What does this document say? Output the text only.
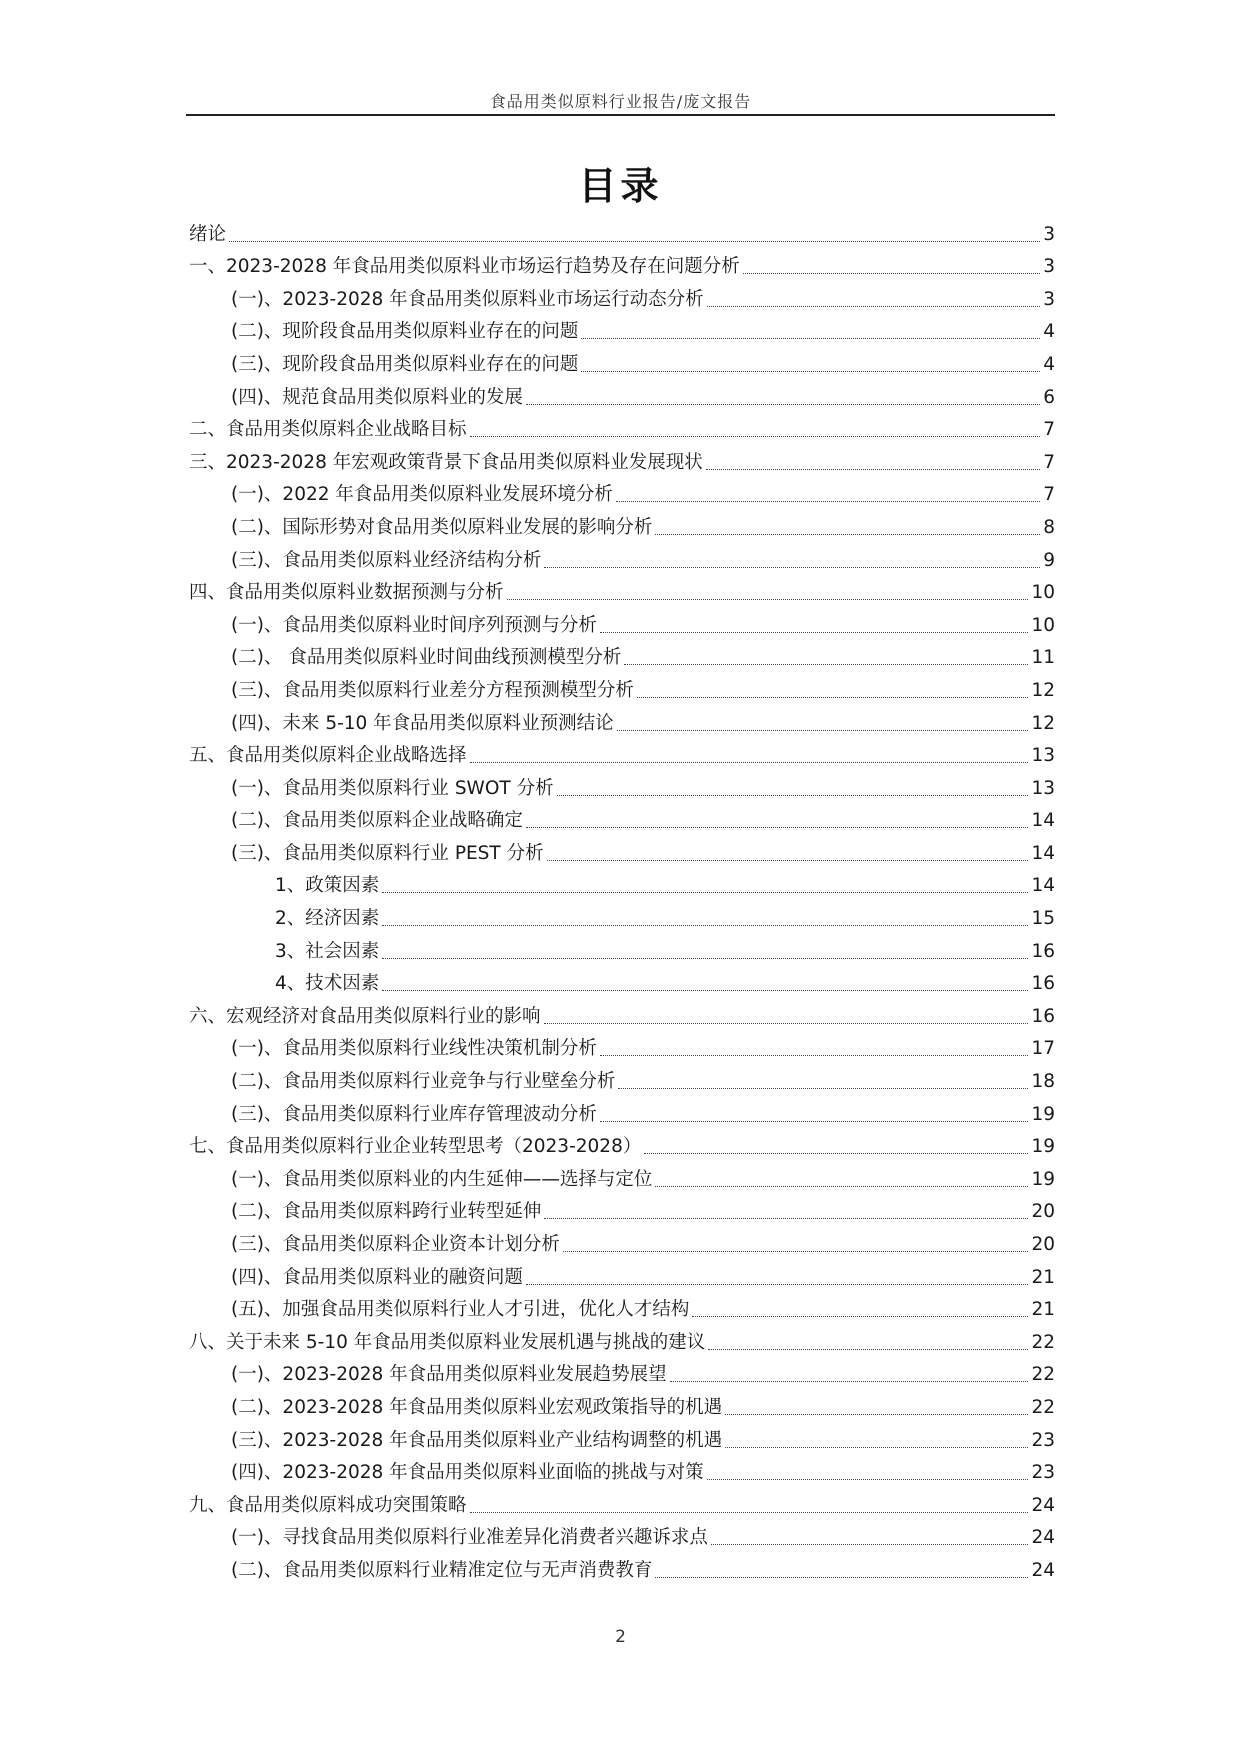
食品用类似原料行业报告/庞文报告
目录
绪论	3
一、2023-2028 年食品用类似原料业市场运行趋势及存在问题分析	3
(一)、2023-2028 年食品用类似原料业市场运行动态分析	3
(二)、现阶段食品用类似原料业存在的问题	4
(三)、现阶段食品用类似原料业存在的问题	4
(四)、规范食品用类似原料业的发展	6
二、食品用类似原料企业战略目标	7
三、2023-2028 年宏观政策背景下食品用类似原料业发展现状	7
(一)、2022 年食品用类似原料业发展环境分析	7
(二)、国际形势对食品用类似原料业发展的影响分析	8
(三)、食品用类似原料业经济结构分析	9
四、食品用类似原料业数据预测与分析	10
(一)、食品用类似原料业时间序列预测与分析	10
(二)、 食品用类似原料业时间曲线预测模型分析	11
(三)、食品用类似原料行业差分方程预测模型分析	12
(四)、未来 5-10 年食品用类似原料业预测结论	12
五、食品用类似原料企业战略选择	13
(一)、食品用类似原料行业 SWOT 分析	13
(二)、食品用类似原料企业战略确定	14
(三)、食品用类似原料行业 PEST 分析	14
1、政策因素	14
2、经济因素	15
3、社会因素	16
4、技术因素	16
六、宏观经济对食品用类似原料行业的影响	16
(一)、食品用类似原料行业线性决策机制分析	17
(二)、食品用类似原料行业竞争与行业壁垒分析	18
(三)、食品用类似原料行业库存管理波动分析	19
七、食品用类似原料行业企业转型思考（2023-2028）	19
(一)、食品用类似原料业的内生延伸——选择与定位	19
(二)、食品用类似原料跨行业转型延伸	20
(三)、食品用类似原料企业资本计划分析	20
(四)、食品用类似原料业的融资问题	21
(五)、加强食品用类似原料行业人才引进，优化人才结构	21
八、关于未来 5-10 年食品用类似原料业发展机遇与挑战的建议	22
(一)、2023-2028 年食品用类似原料业发展趋势展望	22
(二)、2023-2028 年食品用类似原料业宏观政策指导的机遇	22
(三)、2023-2028 年食品用类似原料业产业结构调整的机遇	23
(四)、2023-2028 年食品用类似原料业面临的挑战与对策	23
九、食品用类似原料成功突围策略	24
(一)、寻找食品用类似原料行业准差异化消费者兴趣诉求点	24
(二)、食品用类似原料行业精准定位与无声消费教育	24
2
